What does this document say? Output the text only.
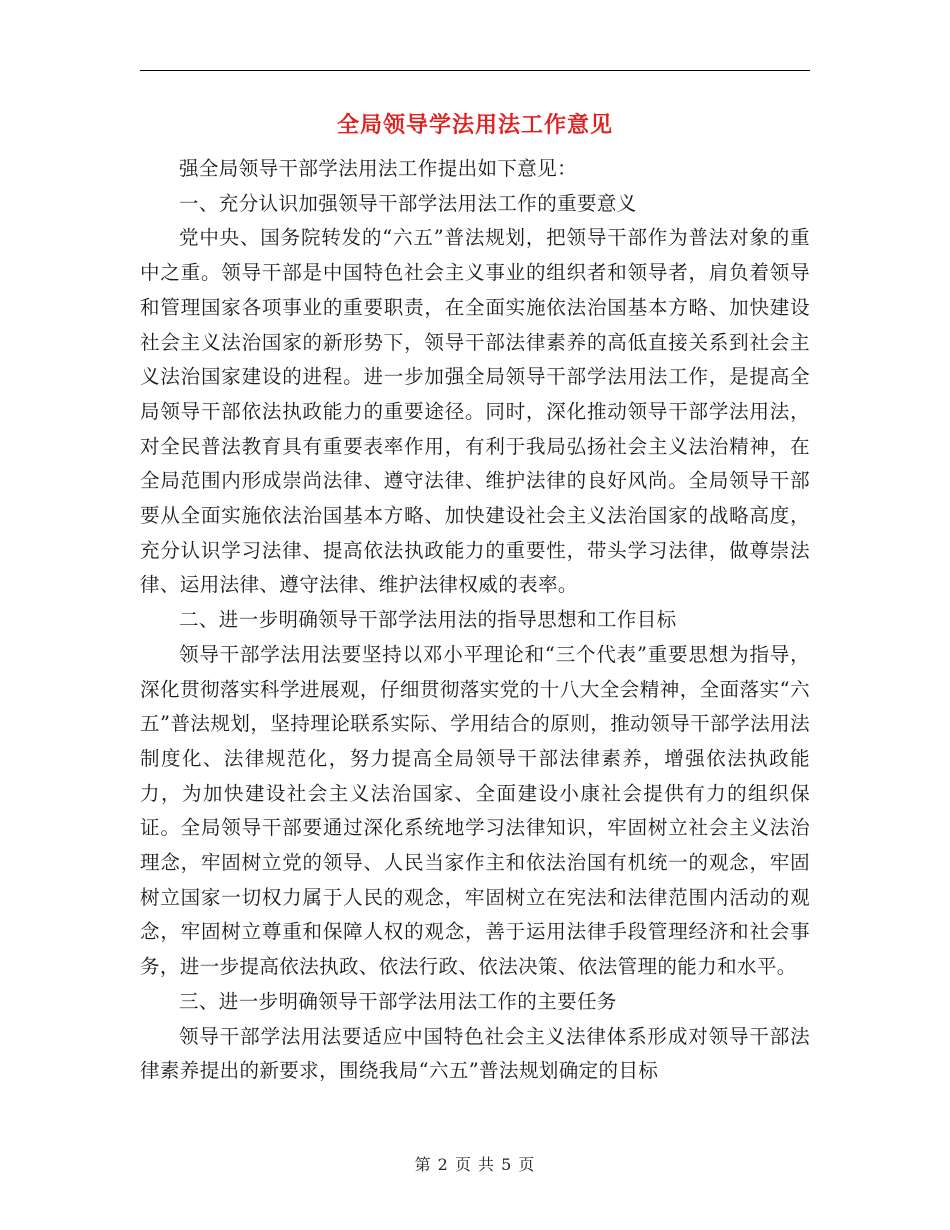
全局领导学法用法工作意见

强全局领导干部学法用法工作提出如下意见：

一、充分认识加强领导干部学法用法工作的重要意义

党中央、国务院转发的“六五”普法规划，把领导干部作为普法对象的重中之重。领导干部是中国特色社会主义事业的组织者和领导者，肩负着领导和管理国家各项事业的重要职责，在全面实施依法治国基本方略、加快建设社会主义法治国家的新形势下，领导干部法律素养的高低直接关系到社会主义法治国家建设的进程。进一步加强全局领导干部学法用法工作，是提高全局领导干部依法执政能力的重要途径。同时，深化推动领导干部学法用法，对全民普法教育具有重要表率作用，有利于我局弘扬社会主义法治精神，在全局范围内形成崇尚法律、遵守法律、维护法律的良好风尚。全局领导干部要从全面实施依法治国基本方略、加快建设社会主义法治国家的战略高度，充分认识学习法律、提高依法执政能力的重要性，带头学习法律，做尊崇法律、运用法律、遵守法律、维护法律权威的表率。

二、进一步明确领导干部学法用法的指导思想和工作目标

领导干部学法用法要坚持以邓小平理论和“三个代表”重要思想为指导，深化贯彻落实科学进展观，仔细贯彻落实党的十八大全会精神，全面落实“六五”普法规划，坚持理论联系实际、学用结合的原则，推动领导干部学法用法制度化、法律规范化，努力提高全局领导干部法律素养，增强依法执政能力，为加快建设社会主义法治国家、全面建设小康社会提供有力的组织保证。全局领导干部要通过深化系统地学习法律知识，牢固树立社会主义法治理念，牢固树立党的领导、人民当家作主和依法治国有机统一的观念，牢固树立国家一切权力属于人民的观念，牢固树立在宪法和法律范围内活动的观念，牢固树立尊重和保障人权的观念，善于运用法律手段管理经济和社会事务，进一步提高依法执政、依法行政、依法决策、依法管理的能力和水平。

三、进一步明确领导干部学法用法工作的主要任务

领导干部学法用法要适应中国特色社会主义法律体系形成对领导干部法律素养提出的新要求，围绕我局“六五”普法规划确定的目标

第 2 页 共 5 页
